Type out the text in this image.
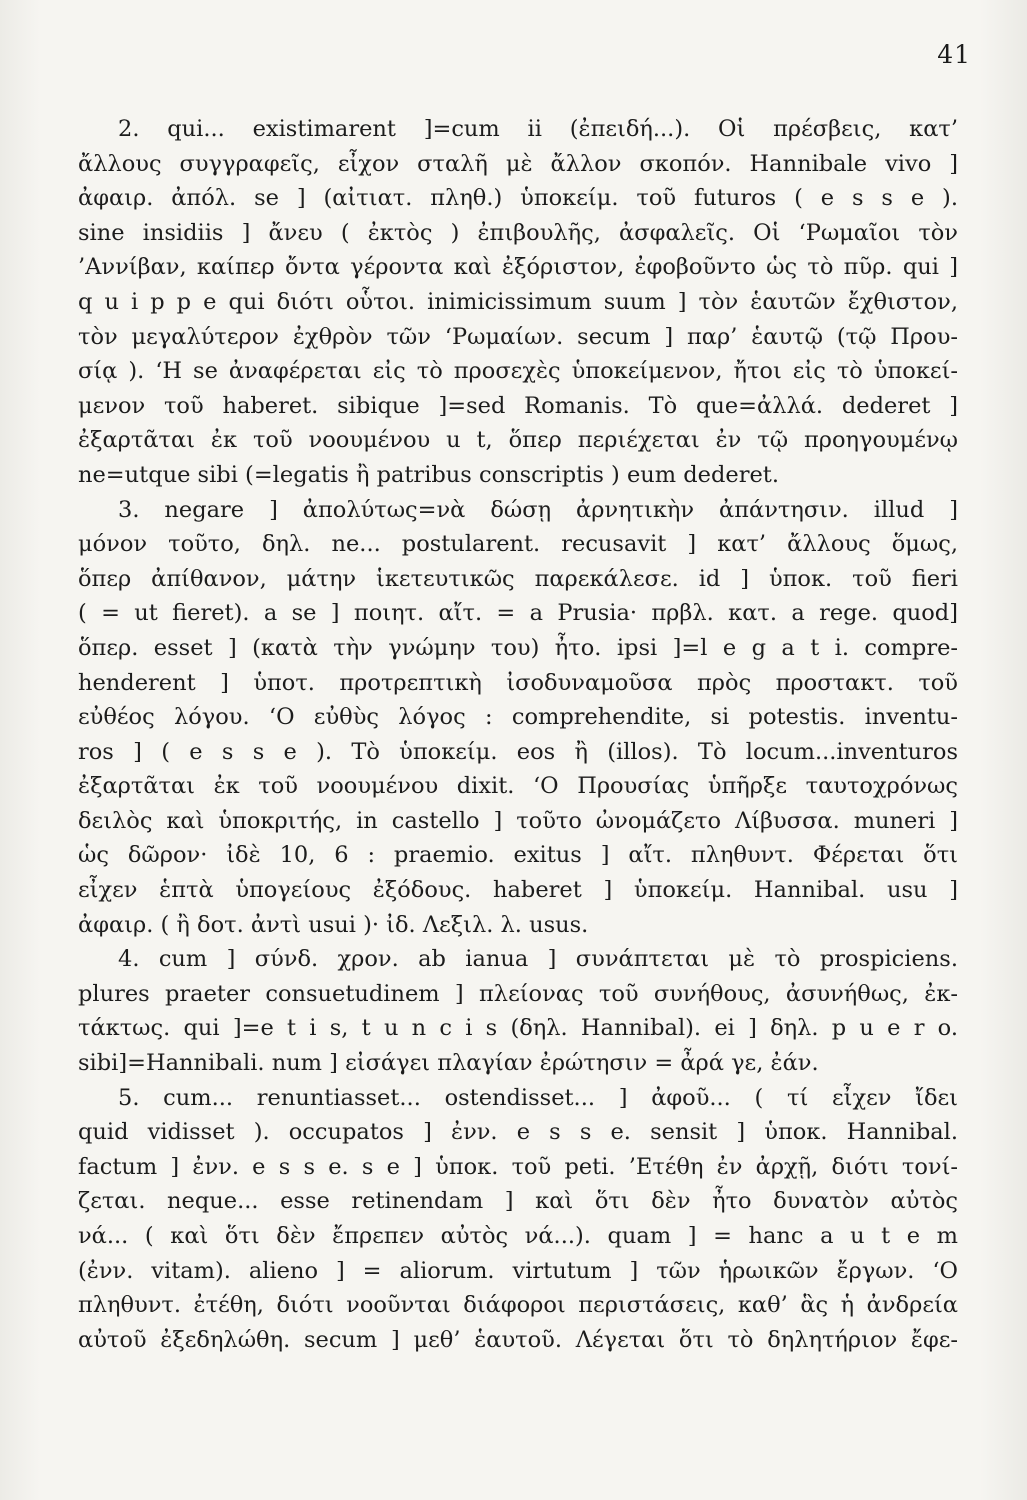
41
2. qui... existimarent ]=cum ii (ἐπειδή...). Οἱ πρέσβεις, κατ’
ἄλλους συγγραφεῖς, εἶχον σταλῆ μὲ ἄλλον σκοπόν. Hannibale vivo ]
ἀφαιρ. ἀπόλ. se ] (αἰτιατ. πληθ.) ὑποκείμ. τοῦ futuros ( e s s e ).
sine insidiis ] ἄνευ ( ἐκτὸς ) ἐπιβουλῆς, ἀσφαλεῖς. Οἱ ‘Ρωμαῖοι τὸν
’Αννίβαν, καίπερ ὄντα γέροντα καὶ ἐξόριστον, ἐφοβοῦντο ὡς τὸ πῦρ. qui ]
q u i p p e qui διότι οὗτοι. inimicissimum suum ] τὸν ἑαυτῶν ἔχθιστον,
τὸν μεγαλύτερον ἐχθρὸν τῶν ‘Ρωμαίων. secum ] παρ’ ἑαυτῷ (τῷ Πρου-
σίᾳ ). ‘Η se ἀναφέρεται εἰς τὸ προσεχὲς ὑποκείμενον, ἤτοι εἰς τὸ ὑποκεί-
μενον τοῦ haberet. sibique ]=sed Romanis. Τὸ que=ἀλλά. dederet ]
ἐξαρτᾶται ἐκ τοῦ νοουμένου u t, ὅπερ περιέχεται ἐν τῷ προηγουμένῳ
ne=utque sibi (=legatis ἢ patribus conscriptis ) eum dederet.
3. negare ] ἀπολύτως=νὰ δώσῃ ἀρνητικὴν ἀπάντησιν. illud ]
μόνον τοῦτο, δηλ. ne... postularent. recusavit ] κατ’ ἄλλους ὅμως,
ὅπερ ἀπίθανον, μάτην ἱκετευτικῶς παρεκάλεσε. id ] ὑποκ. τοῦ fieri
( = ut fieret). a se ] ποιητ. αἴτ. = a Prusia· πρβλ. κατ. a rege. quod]
ὅπερ. esset ] (κατὰ τὴν γνώμην του) ἦτο. ipsi ]=l e g a t i. compre-
henderent ] ὑποτ. προτρεπτικὴ ἰσοδυναμοῦσα πρὸς προστακτ. τοῦ
εὐθέος λόγου. ‘Ο εὐθὺς λόγος : comprehendite, si potestis. inventu-
ros ] ( e s s e ). Τὸ ὑποκείμ. eos ἢ (illos). Τὸ locum...inventuros
ἐξαρτᾶται ἐκ τοῦ νοουμένου dixit. ‘Ο Προυσίας ὑπῆρξε ταυτοχρόνως
δειλὸς καὶ ὑποκριτής, in castello ] τοῦτο ὠνομάζετο Λίβυσσα. muneri ]
ὡς δῶρον· ἰδὲ 10, 6 : praemio. exitus ] αἴτ. πληθυντ. Φέρεται ὅτι
εἶχεν ἑπτὰ ὑπογείους ἐξόδους. haberet ] ὑποκείμ. Hannibal. usu ]
ἀφαιρ. ( ἢ δοτ. ἀντὶ usui )· ἰδ. Λεξιλ. λ. usus.
4. cum ] σύνδ. χρον. ab ianua ] συνάπτεται μὲ τὸ prospiciens.
plures praeter consuetudinem ] πλείονας τοῦ συνήθους, ἀσυνήθως, ἐκ-
τάκτως. qui ]=e t i s, t u n c i s (δηλ. Hannibal). ei ] δηλ. p u e r o.
sibi]=Hannibali. num ] εἰσάγει πλαγίαν ἐρώτησιν = ἆρά γε, ἐάν.
5. cum... renuntiasset... ostendisset... ] ἀφοῦ... ( τί εἶχεν ἴδει
quid vidisset ). occupatos ] ἐνν. e s s e. sensit ] ὑποκ. Hannibal.
factum ] ἐνν. e s s e. s e ] ὑποκ. τοῦ peti. ’Ετέθη ἐν ἀρχῇ, διότι τονί-
ζεται. neque... esse retinendam ] καὶ ὅτι δὲν ἦτο δυνατὸν αὐτὸς
νά... ( καὶ ὅτι δὲν ἔπρεπεν αὐτὸς νά...). quam ] = hanc a u t e m
(ἐνν. vitam). alieno ] = aliorum. virtutum ] τῶν ἡρωικῶν ἔργων. ‘Ο
πληθυντ. ἐτέθη, διότι νοοῦνται διάφοροι περιστάσεις, καθ’ ἃς ἡ ἀνδρεία
αὐτοῦ ἐξεδηλώθη. secum ] μεθ’ ἑαυτοῦ. Λέγεται ὅτι τὸ δηλητήριον ἔφε-
